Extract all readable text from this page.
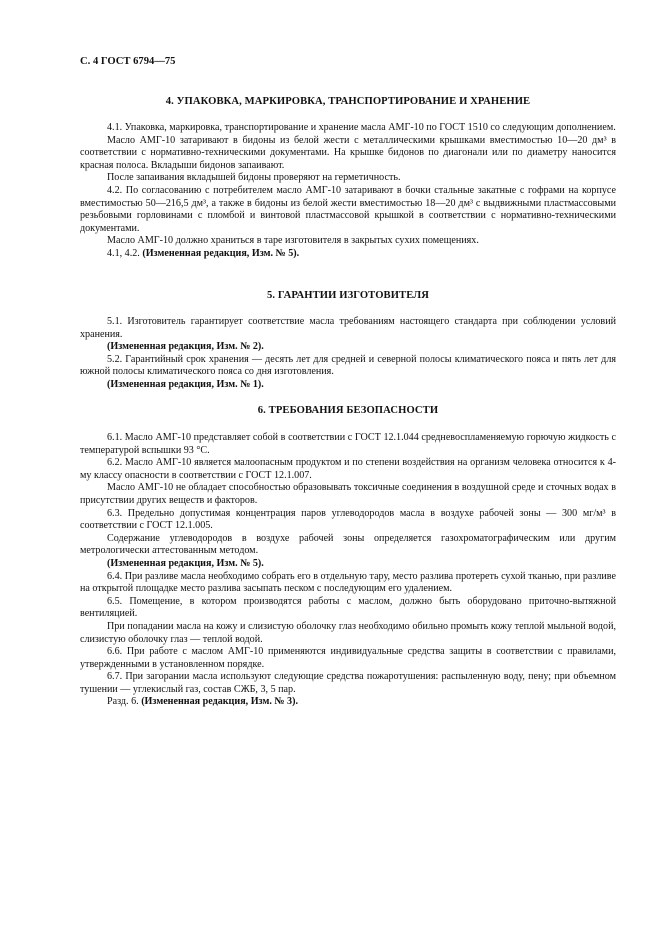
С. 4 ГОСТ 6794—75
4. УПАКОВКА, МАРКИРОВКА, ТРАНСПОРТИРОВАНИЕ И ХРАНЕНИЕ

4.1. Упаковка, маркировка, транспортирование и хранение масла АМГ-10 по ГОСТ 1510 со следующим дополнением.

Масло АМГ-10 затаривают в бидоны из белой жести с металлическими крышками вместимостью 10—20 дм³ в соответствии с нормативно-техническими документами. На крышке бидонов по диагонали или по диаметру наносится красная полоса. Вкладыши бидонов запаивают.

После запаивания вкладышей бидоны проверяют на герметичность.

4.2. По согласованию с потребителем масло АМГ-10 затаривают в бочки стальные закатные с гофрами на корпусе вместимостью 50—216,5 дм³, а также в бидоны из белой жести вместимостью 18—20 дм³ с выдвижными пластмассовыми резьбовыми горловинами с пломбой и винтовой пластмассовой крышкой в соответствии с нормативно-техническими документами.

Масло АМГ-10 должно храниться в таре изготовителя в закрытых сухих помещениях.

4.1, 4.2. (Измененная редакция, Изм. № 5).

5. ГАРАНТИИ ИЗГОТОВИТЕЛЯ

5.1. Изготовитель гарантирует соответствие масла требованиям настоящего стандарта при соблюдении условий хранения.

(Измененная редакция, Изм. № 2).

5.2. Гарантийный срок хранения — десять лет для средней и северной полосы климатического пояса и пять лет для южной полосы климатического пояса со дня изготовления.

(Измененная редакция, Изм. № 1).

6. ТРЕБОВАНИЯ БЕЗОПАСНОСТИ

6.1. Масло АМГ-10 представляет собой в соответствии с ГОСТ 12.1.044 средневоспламеняемую горючую жидкость с температурой вспышки 93 °С.

6.2. Масло АМГ-10 является малоопасным продуктом и по степени воздействия на организм человека относится к 4-му классу опасности в соответствии с ГОСТ 12.1.007.

Масло АМГ-10 не обладает способностью образовывать токсичные соединения в воздушной среде и сточных водах в присутствии других веществ и факторов.

6.3. Предельно допустимая концентрация паров углеводородов масла в воздухе рабочей зоны — 300 мг/м³ в соответствии с ГОСТ 12.1.005.

Содержание углеводородов в воздухе рабочей зоны определяется газохроматографическим или другим метрологически аттестованным методом.

(Измененная редакция, Изм. № 5).

6.4. При разливе масла необходимо собрать его в отдельную тару, место разлива протереть сухой тканью, при разливе на открытой площадке место разлива засыпать песком с последующим его удалением.

6.5. Помещение, в котором производятся работы с маслом, должно быть оборудовано приточно-вытяжной вентиляцией.

При попадании масла на кожу и слизистую оболочку глаз необходимо обильно промыть кожу теплой мыльной водой, слизистую оболочку глаз — теплой водой.

6.6. При работе с маслом АМГ-10 применяются индивидуальные средства защиты в соответствии с правилами, утвержденными в установленном порядке.

6.7. При загорании масла используют следующие средства пожаротушения: распыленную воду, пену; при объемном тушении — углекислый газ, состав СЖБ, 3, 5 пар.

Разд. 6. (Измененная редакция, Изм. № 3).
